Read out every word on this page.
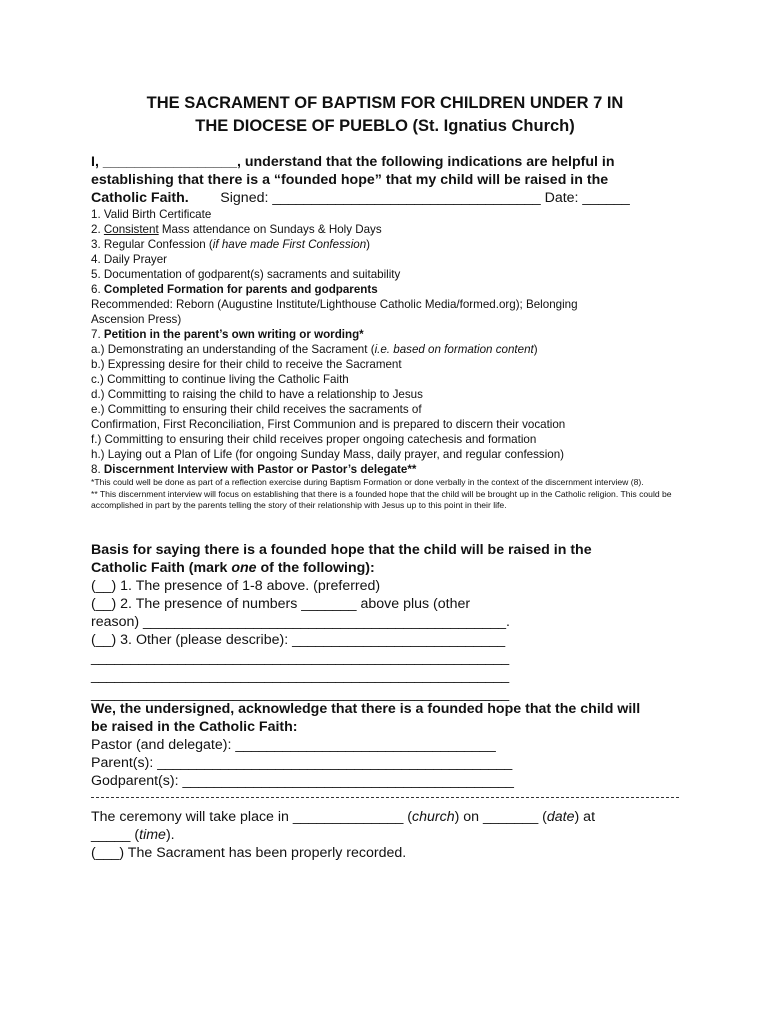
THE SACRAMENT OF BAPTISM FOR CHILDREN UNDER 7 IN
THE DIOCESE OF PUEBLO (St. Ignatius Church)
I, _________________, understand that the following indications are helpful in
establishing that there is a “founded hope” that my child will be raised in the
Catholic Faith. Signed: __________________________________ Date: ______
1. Valid Birth Certificate
2. Consistent Mass attendance on Sundays & Holy Days
3. Regular Confession (if have made First Confession)
4. Daily Prayer
5. Documentation of godparent(s) sacraments and suitability
6. Completed Formation for parents and godparents
Recommended: Reborn (Augustine Institute/Lighthouse Catholic Media/formed.org); Belonging
Ascension Press)
7. Petition in the parent’s own writing or wording*
a.) Demonstrating an understanding of the Sacrament (i.e. based on formation content)
b.) Expressing desire for their child to receive the Sacrament
c.) Committing to continue living the Catholic Faith
d.) Committing to raising the child to have a relationship to Jesus
e.) Committing to ensuring their child receives the sacraments of
Confirmation, First Reconciliation, First Communion and is prepared to discern their vocation
f.) Committing to ensuring their child receives proper ongoing catechesis and formation
h.) Laying out a Plan of Life (for ongoing Sunday Mass, daily prayer, and regular confession)
8. Discernment Interview with Pastor or Pastor’s delegate**
*This could well be done as part of a reflection exercise during Baptism Formation or done verbally in the context of the discernment interview (8).
** This discernment interview will focus on establishing that there is a founded hope that the child will be brought up in the Catholic religion. This could be accomplished in part by the parents telling the story of their relationship with Jesus up to this point in their life.
Basis for saying there is a founded hope that the child will be raised in the
Catholic Faith (mark one of the following):
(__) 1. The presence of 1-8 above. (preferred)
(__) 2. The presence of numbers _______ above plus (other
reason) ______________________________________________.
(__) 3. Other (please describe): ___________________________
_____________________________________________________
_____________________________________________________
_____________________________________________________
We, the undersigned, acknowledge that there is a founded hope that the child will
be raised in the Catholic Faith:
Pastor (and delegate): _________________________________
Parent(s): _____________________________________________
Godparent(s): __________________________________________
The ceremony will take place in ______________ (church) on _______ (date) at
_____ (time).
(___) The Sacrament has been properly recorded.
